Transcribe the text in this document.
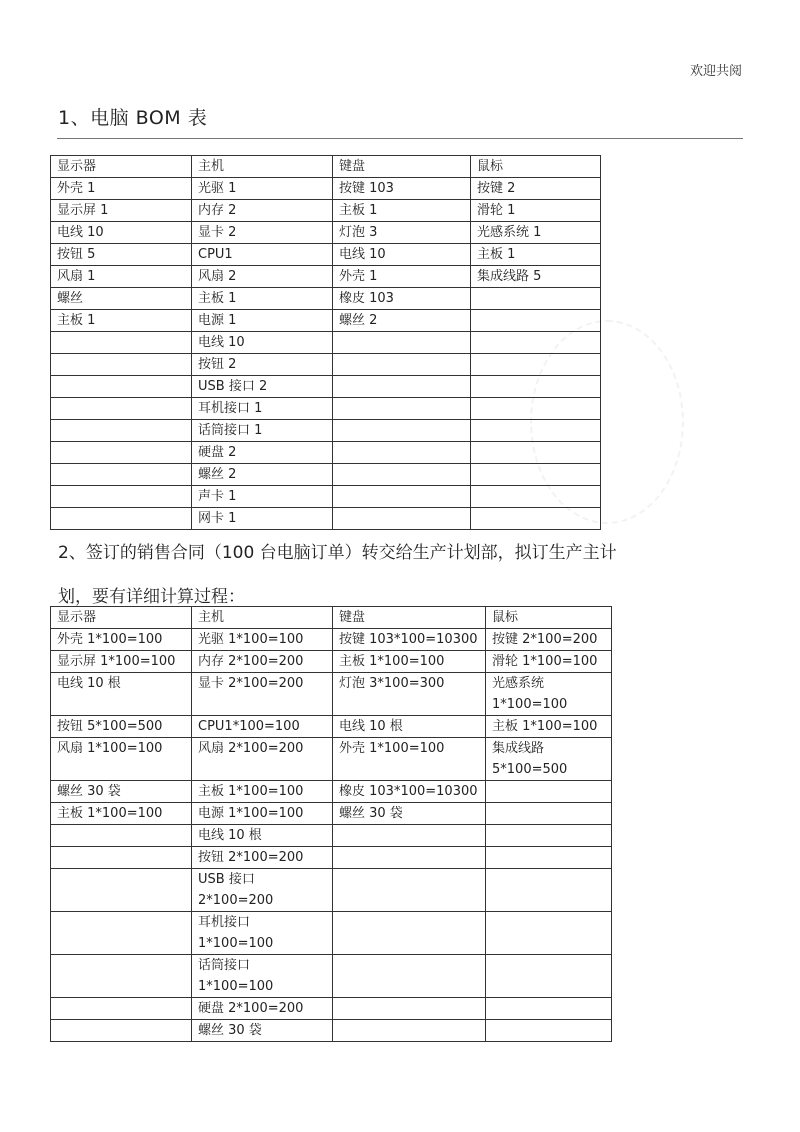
欢迎共阅
1、电脑 BOM 表
显示器	主机	键盘	鼠标
外壳 1	光驱 1	按键 103	按键 2
显示屏 1	内存 2	主板 1	滑轮 1
电线 10	显卡 2	灯泡 3	光感系统 1
按钮 5	CPU1	电线 10	主板 1
风扇 1	风扇 2	外壳 1	集成线路 5
螺丝	主板 1	橡皮 103	
主板 1	电源 1	螺丝 2	
	电线 10		
	按钮 2		
	USB 接口 2		
	耳机接口 1		
	话筒接口 1		
	硬盘 2		
	螺丝 2		
	声卡 1		
	网卡 1		
2、签订的销售合同（100 台电脑订单）转交给生产计划部，拟订生产主计
划，要有详细计算过程：
显示器	主机	键盘	鼠标

外壳 1*100=100	光驱 1*100=100	按键 103*100=10300	按键 2*100=200

显示屏 1*100=100	内存 2*100=200	主板 1*100=100	滑轮 1*100=100

电线 10 根	显卡 2*100=200	灯泡 3*100=300	光感系统
1*100=100

按钮 5*100=500	CPU1*100=100	电线 10 根	主板 1*100=100

风扇 1*100=100	风扇 2*100=200	外壳 1*100=100	集成线路
5*100=500

螺丝 30 袋	主板 1*100=100	橡皮 103*100=10300	

主板 1*100=100	电源 1*100=100	螺丝 30 袋	

	电线 10 根		

	按钮 2*100=200		

	USB 接口
2*100=200		

	耳机接口
1*100=100		

	话筒接口
1*100=100		

	硬盘 2*100=200		

	螺丝 30 袋		
